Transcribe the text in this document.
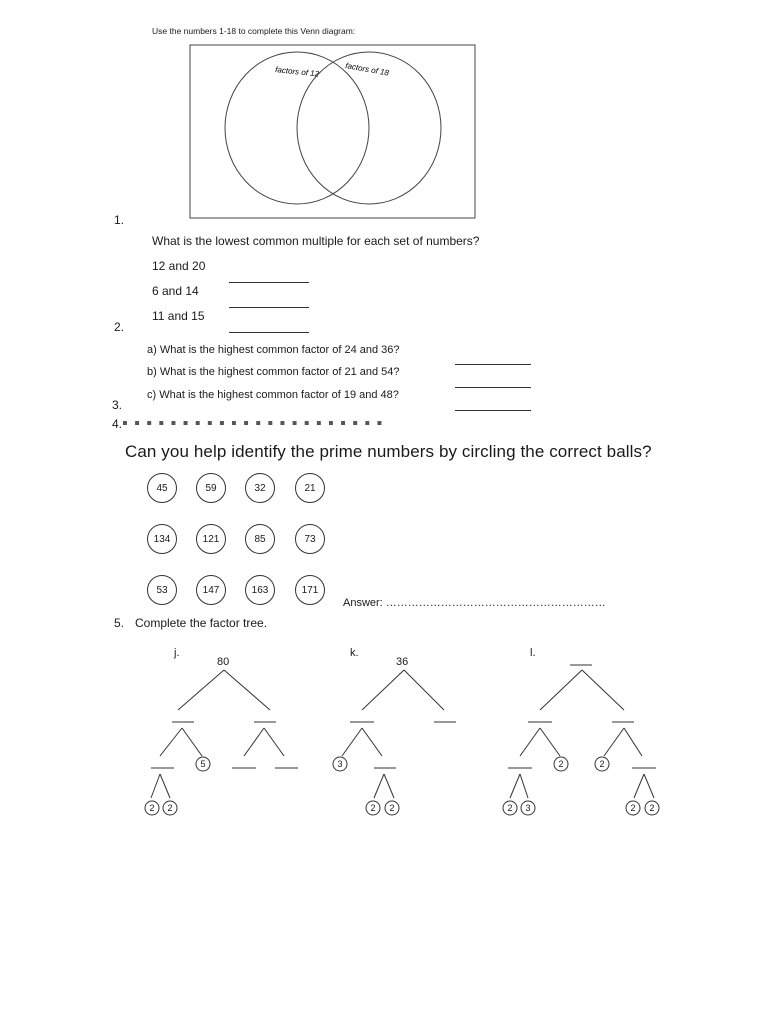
Use the numbers 1-18 to complete this Venn diagram:
factors of 12	factors of 18
1.
What is the lowest common multiple for each set of numbers?
12 and 20
6 and 14
11 and 15
2.
a) What is the highest common factor of 24 and 36?
b) What is the highest common factor of 21 and 54?
c) What is the highest common factor of 19 and 48?
3.
4. ▪ ▪ ▪ ▪ ▪ ▪ ▪ ▪ ▪ ▪ ▪ ▪ ▪ ▪ ▪ ▪ ▪ ▪ ▪ ▪ ▪ ▪
Can you help identify the prime numbers by circling the correct balls?
45	59	32	21
134	121	85	73
53	147	163	171
Answer: ……………………………………………………
5. Complete the factor tree.
j.
80
k.
36
l.
5
2 2
3
2 2
2	2
2 3	2 2
